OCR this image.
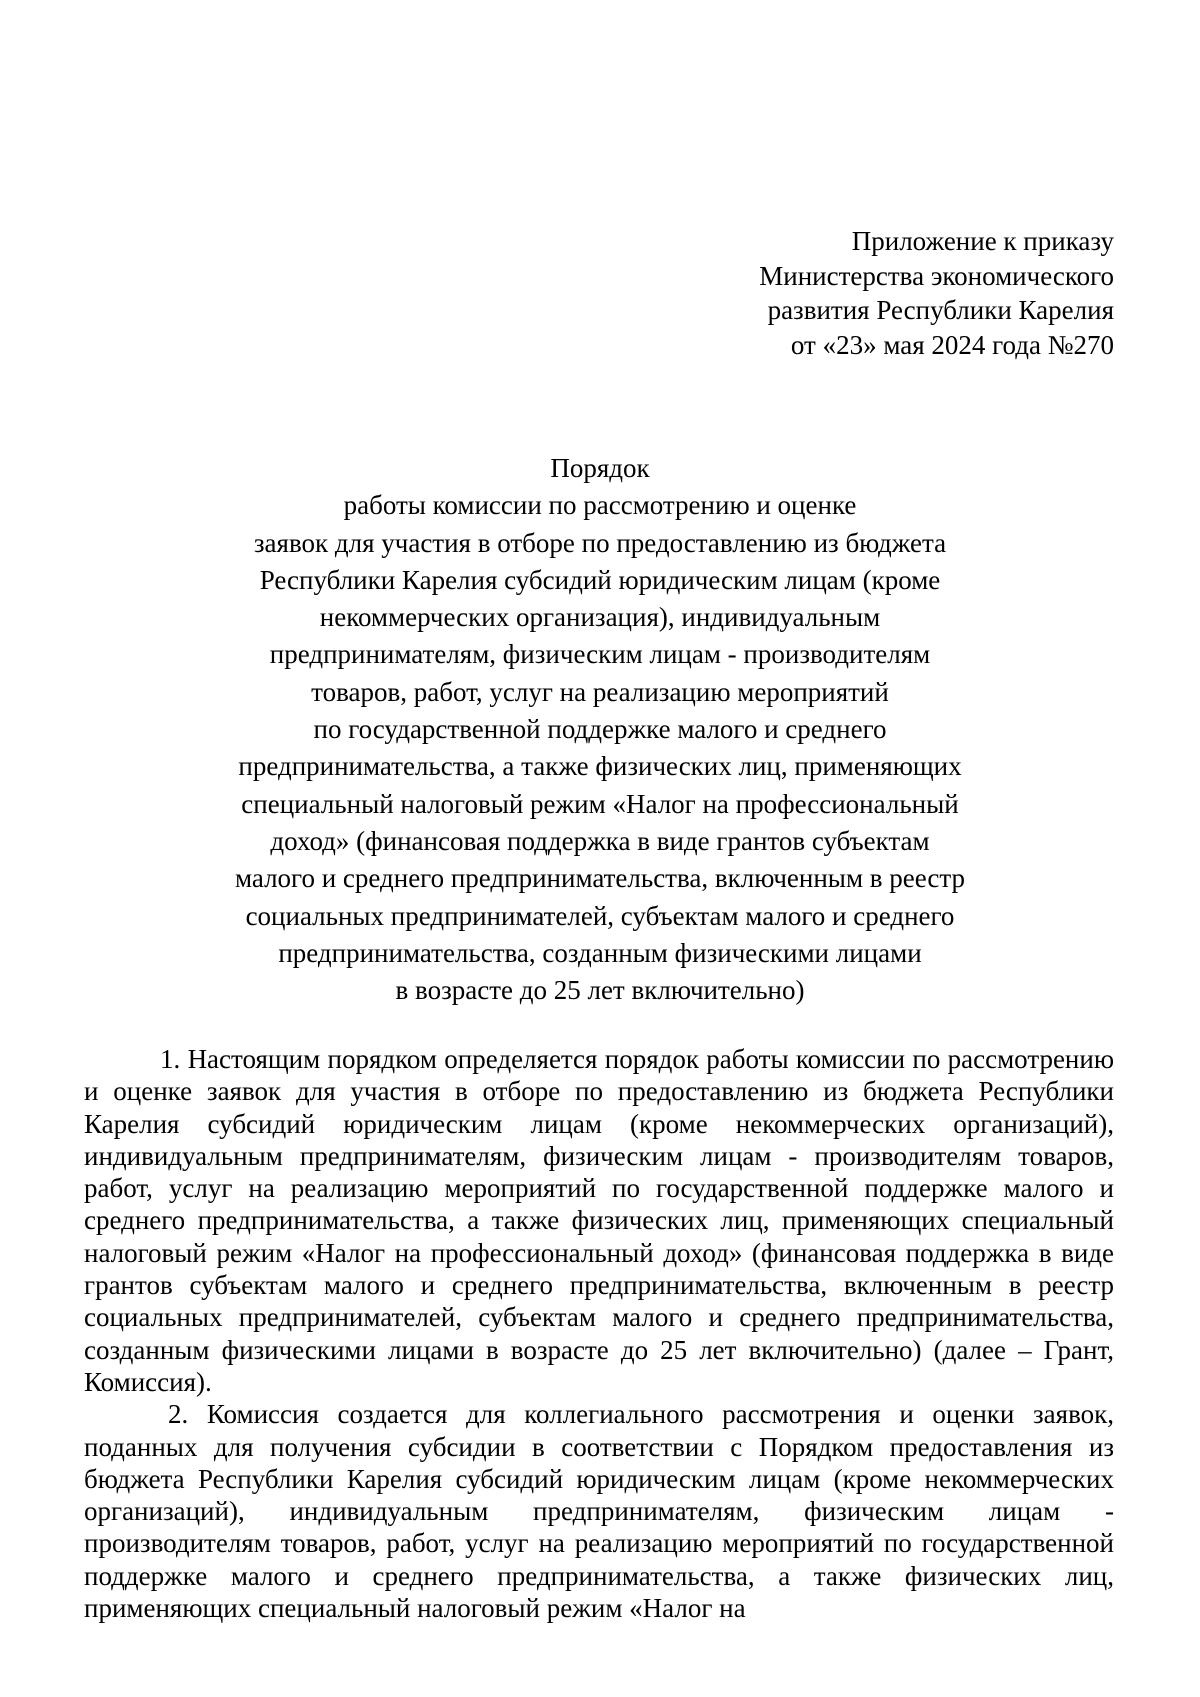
Приложение к приказу
Министерства экономического
развития Республики Карелия
от «23» мая 2024 года №270
Порядок
работы комиссии по рассмотрению и оценке
заявок для участия в отборе по предоставлению из бюджета
Республики Карелия субсидий юридическим лицам (кроме
некоммерческих организация), индивидуальным
предпринимателям, физическим лицам - производителям
товаров, работ, услуг на реализацию мероприятий
по государственной поддержке малого и среднего
предпринимательства, а также физических лиц, применяющих
специальный налоговый режим «Налог на профессиональный
доход» (финансовая поддержка в виде грантов субъектам
малого и среднего предпринимательства, включенным в реестр
социальных предпринимателей, субъектам малого и среднего
предпринимательства, созданным физическими лицами
в возрасте до 25 лет включительно)

1. Настоящим порядком определяется порядок работы комиссии по рассмотрению и оценке заявок для участия в отборе по предоставлению из бюджета Республики Карелия субсидий юридическим лицам (кроме некоммерческих организаций), индивидуальным предпринимателям, физическим лицам - производителям товаров, работ, услуг на реализацию мероприятий по государственной поддержке малого и среднего предпринимательства, а также физических лиц, применяющих специальный налоговый режим «Налог на профессиональный доход» (финансовая поддержка в виде грантов субъектам малого и среднего предпринимательства, включенным в реестр социальных предпринимателей, субъектам малого и среднего предпринимательства, созданным физическими лицами в возрасте до 25 лет включительно) (далее – Грант, Комиссия).

2. Комиссия создается для коллегиального рассмотрения и оценки заявок, поданных для получения субсидии в соответствии с Порядком предоставления из бюджета Республики Карелия субсидий юридическим лицам (кроме некоммерческих организаций), индивидуальным предпринимателям, физическим лицам - производителям товаров, работ, услуг на реализацию мероприятий по государственной поддержке малого и среднего предпринимательства, а также физических лиц, применяющих специальный налоговый режим «Налог на
